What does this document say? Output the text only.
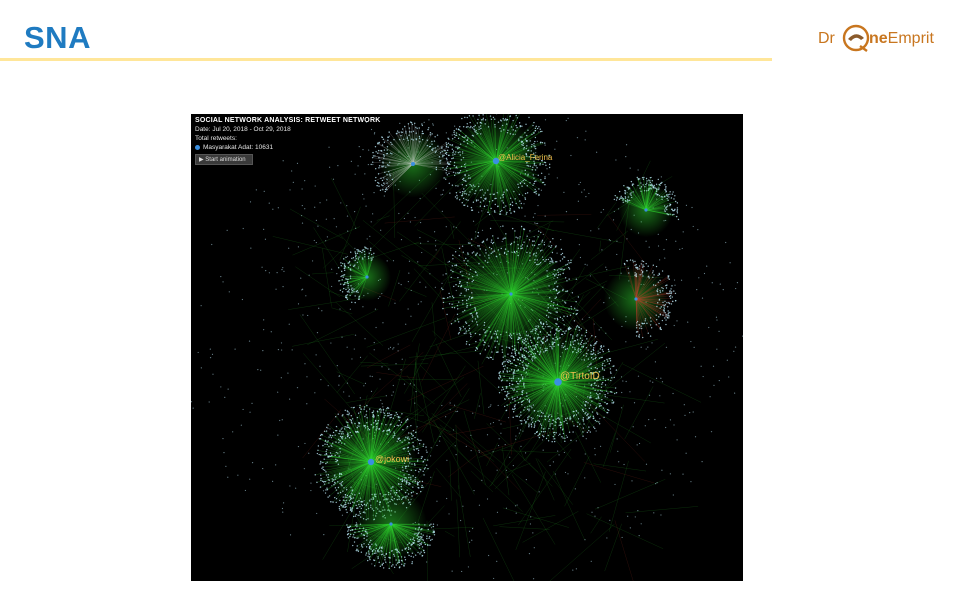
SNA	Dr neEmprit
SOCIAL NETWORK ANALYSIS: RETWEET NETWORK
Date: Jul 20, 2018 - Oct 29, 2018
Total retweets:
Masyarakat Adat: 10631
▶ Start animation	@Alicia_Ferina
@TirtoID
@jokowi
